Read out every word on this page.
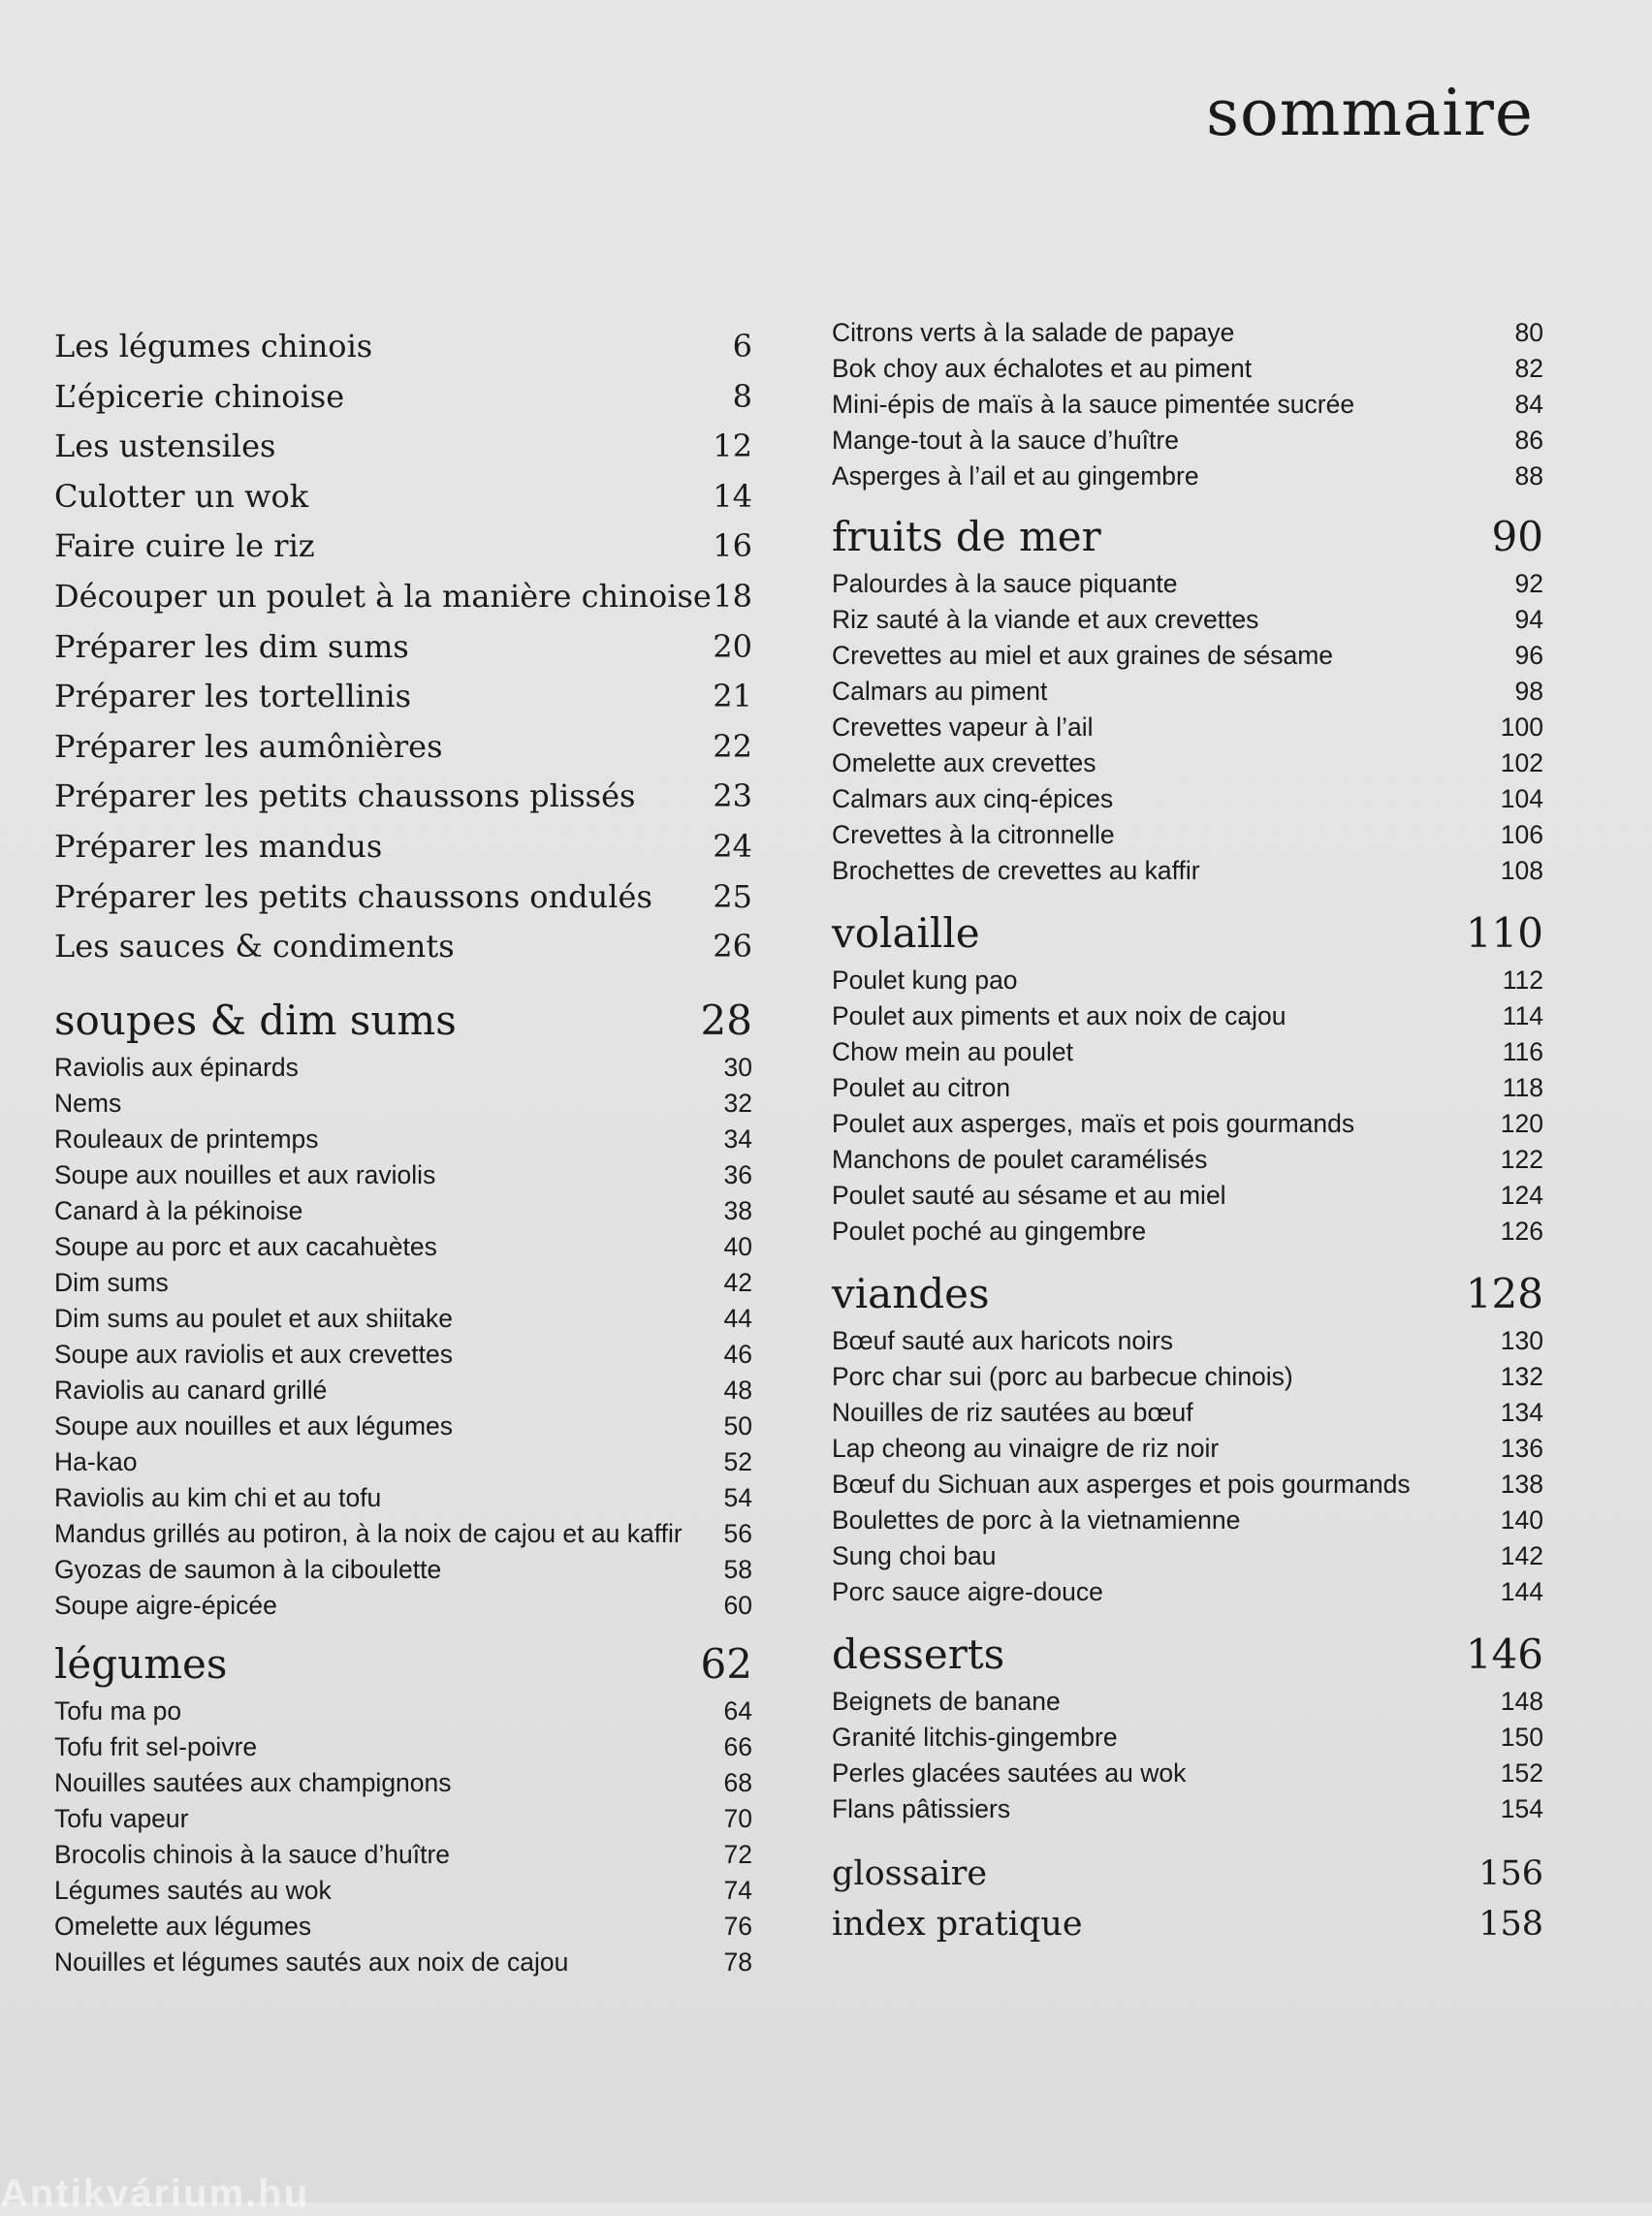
sommaire
Les légumes chinois	6
L’épicerie chinoise	8
Les ustensiles	12
Culotter un wok	14
Faire cuire le riz	16
Découper un poulet à la manière chinoise 18
Préparer les dim sums	20
Préparer les tortellinis	21
Préparer les aumônières	22
Préparer les petits chaussons plissés 23
Préparer les mandus	24
Préparer les petits chaussons ondulés 25
Les sauces & condiments	26
soupes & dim sums	28
Raviolis aux épinards	30
Nems	32
Rouleaux de printemps	34
Soupe aux nouilles et aux raviolis	36
Canard à la pékinoise	38
Soupe au porc et aux cacahuètes	40
Dim sums	42
Dim sums au poulet et aux shiitake	44
Soupe aux raviolis et aux crevettes	46
Raviolis au canard grillé	48
Soupe aux nouilles et aux légumes	50
Ha-kao	52
Raviolis au kim chi et au tofu	54
Mandus grillés au potiron, à la noix de cajou et au kaffir 56
Gyozas de saumon à la ciboulette	58
Soupe aigre-épicée	60
légumes	62
Tofu ma po	64
Tofu frit sel-poivre	66
Nouilles sautées aux champignons	68
Tofu vapeur	70
Brocolis chinois à la sauce d’huître	72
Légumes sautés au wok	74
Omelette aux légumes	76
Nouilles et légumes sautés aux noix de cajou	78
Citrons verts à la salade de papaye	80
Bok choy aux échalotes et au piment	82
Mini-épis de maïs à la sauce pimentée sucrée	84
Mange-tout à la sauce d’huître	86
Asperges à l’ail et au gingembre	88
fruits de mer	90
Palourdes à la sauce piquante	92
Riz sauté à la viande et aux crevettes	94
Crevettes au miel et aux graines de sésame	96
Calmars au piment	98
Crevettes vapeur à l’ail	100
Omelette aux crevettes	102
Calmars aux cinq-épices	104
Crevettes à la citronnelle	106
Brochettes de crevettes au kaffir	108
volaille	110
Poulet kung pao	112
Poulet aux piments et aux noix de cajou	114
Chow mein au poulet	116
Poulet au citron	118
Poulet aux asperges, maïs et pois gourmands	120
Manchons de poulet caramélisés	122
Poulet sauté au sésame et au miel	124
Poulet poché au gingembre	126
viandes	128
Bœuf sauté aux haricots noirs	130
Porc char sui (porc au barbecue chinois)	132
Nouilles de riz sautées au bœuf	134
Lap cheong au vinaigre de riz noir	136
Bœuf du Sichuan aux asperges et pois gourmands	138
Boulettes de porc à la vietnamienne	140
Sung choi bau	142
Porc sauce aigre-douce	144
desserts	146
Beignets de banane	148
Granité litchis-gingembre	150
Perles glacées sautées au wok	152
Flans pâtissiers	154
glossaire	156
index pratique	158
Antikvárium.hu
